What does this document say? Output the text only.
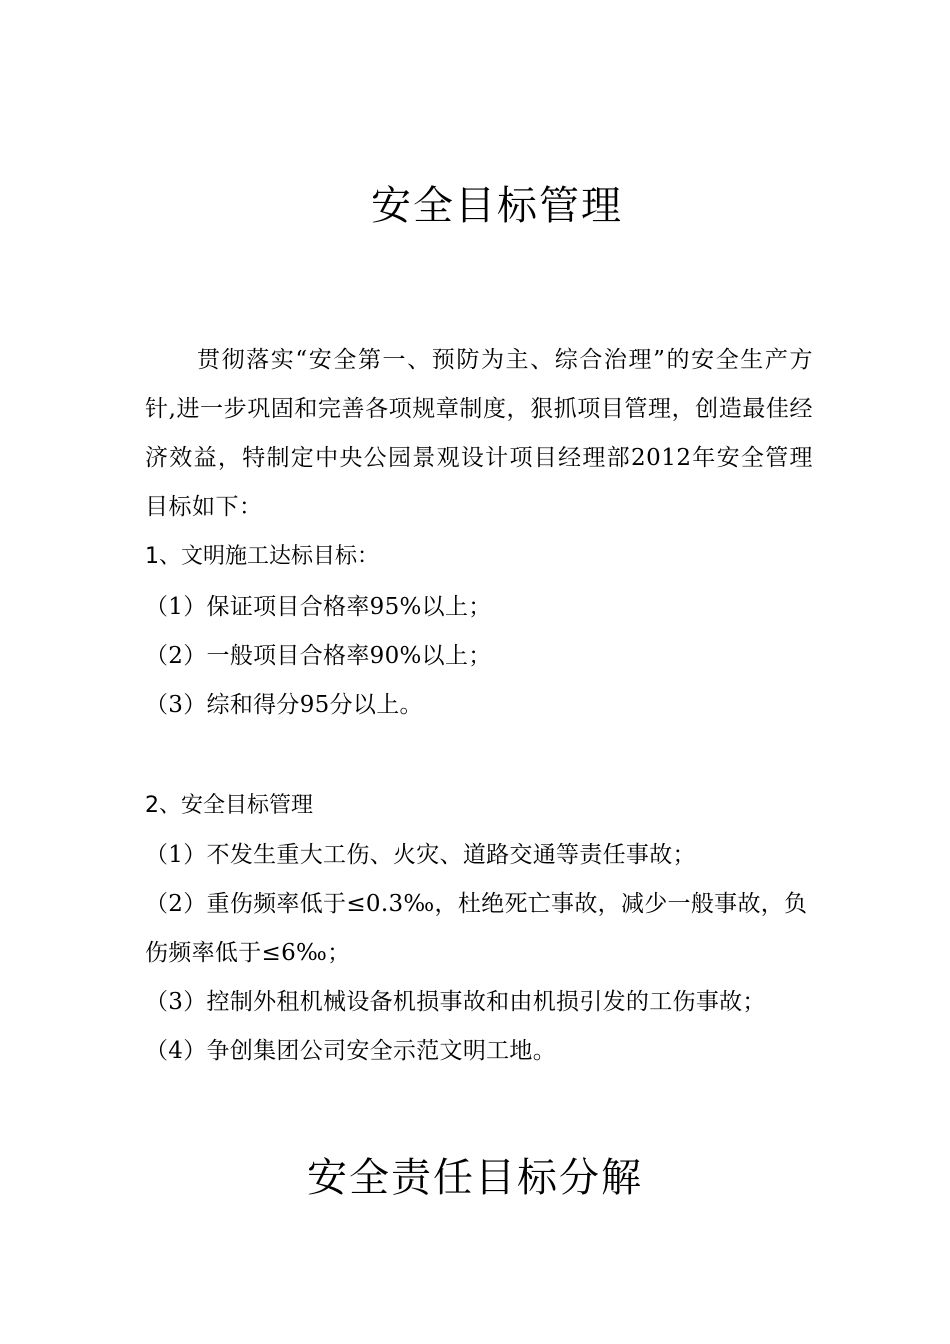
安全目标管理
贯彻落实“安全第一、预防为主、综合治理”的安全生产方针,进一步巩固和完善各项规章制度，狠抓项目管理，创造最佳经济效益，特制定中央公园景观设计项目经理部2012年安全管理目标如下：
1、文明施工达标目标：
（1）保证项目合格率95%以上；
（2）一般项目合格率90%以上；
（3）综和得分95分以上。
2、安全目标管理
（1）不发生重大工伤、火灾、道路交通等责任事故；
（2）重伤频率低于≤0.3‰，杜绝死亡事故，减少一般事故，负伤频率低于≤6‰；
（3）控制外租机械设备机损事故和由机损引发的工伤事故；
（4）争创集团公司安全示范文明工地。
安全责任目标分解
